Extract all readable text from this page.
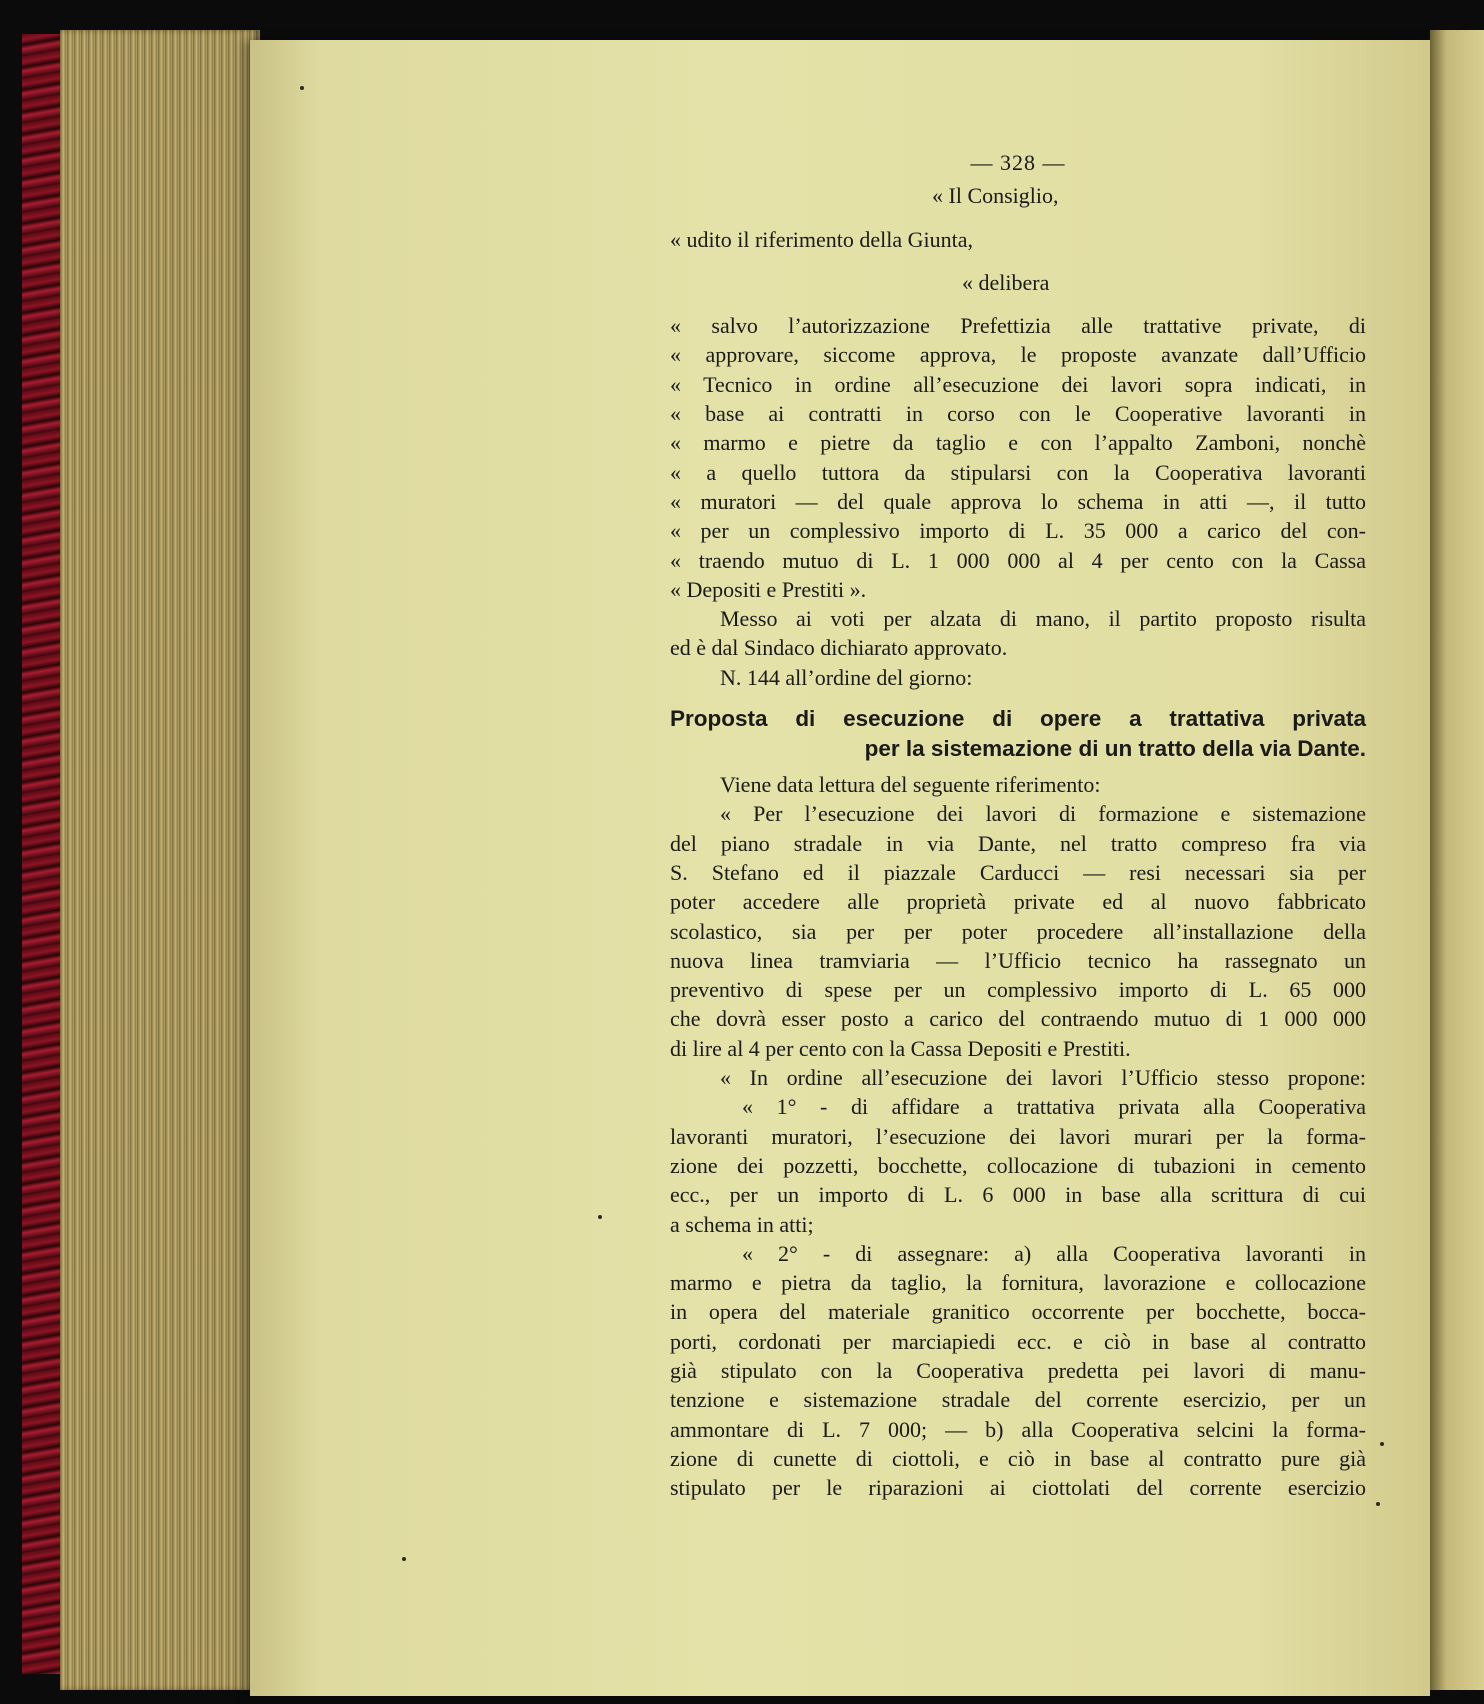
— 328 —
« Il Consiglio,
« udito il riferimento della Giunta,
« delibera
« salvo l’autorizzazione Prefettizia alle trattative private, di
« approvare, siccome approva, le proposte avanzate dall’Ufficio
« Tecnico in ordine all’esecuzione dei lavori sopra indicati, in
« base ai contratti in corso con le Cooperative lavoranti in
« marmo e pietre da taglio e con l’appalto Zamboni, nonchè
« a quello tuttora da stipularsi con la Cooperativa lavoranti
« muratori — del quale approva lo schema in atti —, il tutto
« per un complessivo importo di L. 35 000 a carico del con-
« traendo mutuo di L. 1 000 000 al 4 per cento con la Cassa
« Depositi e Prestiti ».
Messo ai voti per alzata di mano, il partito proposto risulta
ed è dal Sindaco dichiarato approvato.
N. 144 all’ordine del giorno:
Proposta di esecuzione di opere a trattativa privata
per la sistemazione di un tratto della via Dante.
Viene data lettura del seguente riferimento:
« Per l’esecuzione dei lavori di formazione e sistemazione
del piano stradale in via Dante, nel tratto compreso fra via
S. Stefano ed il piazzale Carducci — resi necessari sia per
poter accedere alle proprietà private ed al nuovo fabbricato
scolastico, sia per per poter procedere all’installazione della
nuova linea tramviaria — l’Ufficio tecnico ha rassegnato un
preventivo di spese per un complessivo importo di L. 65 000
che dovrà esser posto a carico del contraendo mutuo di 1 000 000
di lire al 4 per cento con la Cassa Depositi e Prestiti.
« In ordine all’esecuzione dei lavori l’Ufficio stesso propone:
« 1° - di affidare a trattativa privata alla Cooperativa
lavoranti muratori, l’esecuzione dei lavori murari per la forma-
zione dei pozzetti, bocchette, collocazione di tubazioni in cemento
ecc., per un importo di L. 6 000 in base alla scrittura di cui
a schema in atti;
« 2° - di assegnare: a) alla Cooperativa lavoranti in
marmo e pietra da taglio, la fornitura, lavorazione e collocazione
in opera del materiale granitico occorrente per bocchette, bocca-
porti, cordonati per marciapiedi ecc. e ciò in base al contratto
già stipulato con la Cooperativa predetta pei lavori di manu-
tenzione e sistemazione stradale del corrente esercizio, per un
ammontare di L. 7 000; — b) alla Cooperativa selcini la forma-
zione di cunette di ciottoli, e ciò in base al contratto pure già
stipulato per le riparazioni ai ciottolati del corrente esercizio
